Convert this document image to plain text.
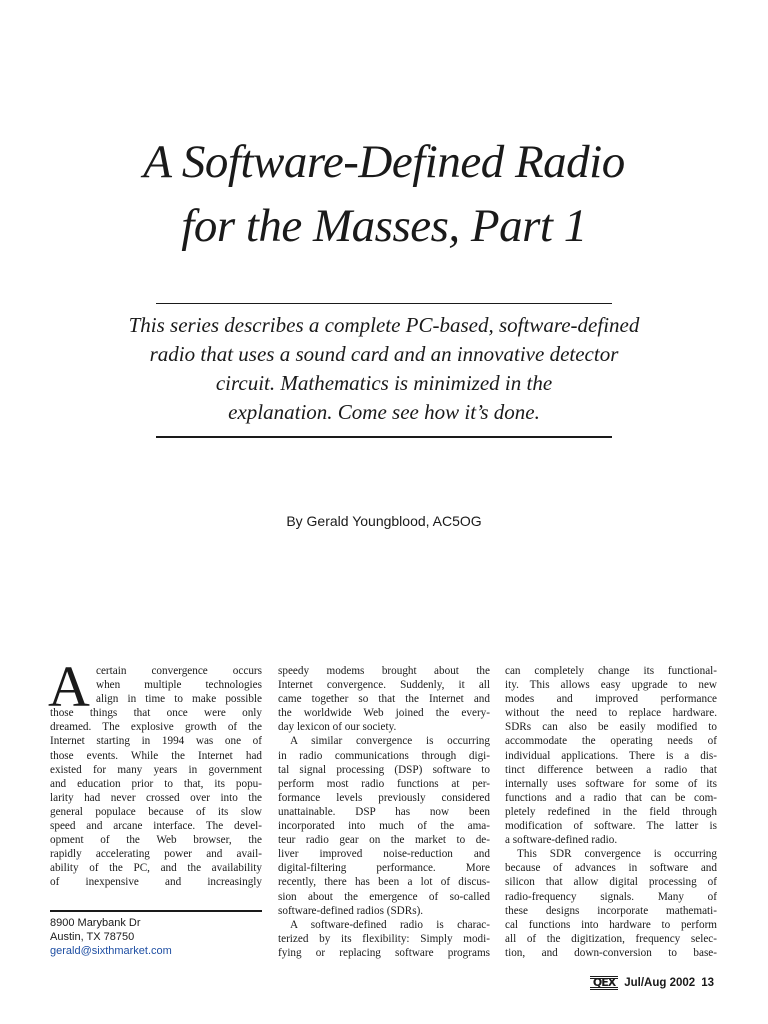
A Software-Defined Radio
for the Masses, Part 1
This series describes a complete PC-based, software-defined
radio that uses a sound card and an innovative detector
circuit. Mathematics is minimized in the
explanation. Come see how it’s done.
By Gerald Youngblood, AC5OG
A certain convergence occurs
when multiple technologies
align in time to make possible
those things that once were only
dreamed. The explosive growth of the
Internet starting in 1994 was one of
those events. While the Internet had
existed for many years in government
and education prior to that, its popu-
larity had never crossed over into the
general populace because of its slow
speed and arcane interface. The devel-
opment of the Web browser, the
rapidly accelerating power and avail-
ability of the PC, and the availability
of inexpensive and increasingly
speedy modems brought about the
Internet convergence. Suddenly, it all
came together so that the Internet and
the worldwide Web joined the every-
day lexicon of our society.
A similar convergence is occurring
in radio communications through digi-
tal signal processing (DSP) software to
perform most radio functions at per-
formance levels previously considered
unattainable. DSP has now been
incorporated into much of the ama-
teur radio gear on the market to de-
liver improved noise-reduction and
digital-filtering performance. More
recently, there has been a lot of discus-
sion about the emergence of so-called
software-defined radios (SDRs).
A software-defined radio is charac-
terized by its flexibility: Simply modi-
fying or replacing software programs
can completely change its functional-
ity. This allows easy upgrade to new
modes and improved performance
without the need to replace hardware.
SDRs can also be easily modified to
accommodate the operating needs of
individual applications. There is a dis-
tinct difference between a radio that
internally uses software for some of its
functions and a radio that can be com-
pletely redefined in the field through
modification of software. The latter is
a software-defined radio.
This SDR convergence is occurring
because of advances in software and
silicon that allow digital processing of
radio-frequency signals. Many of
these designs incorporate mathemati-
cal functions into hardware to perform
all of the digitization, frequency selec-
tion, and down-conversion to base-
8900 Marybank Dr
Austin, TX 78750
gerald@sixthmarket.com
QEX Jul/Aug 2002 13
